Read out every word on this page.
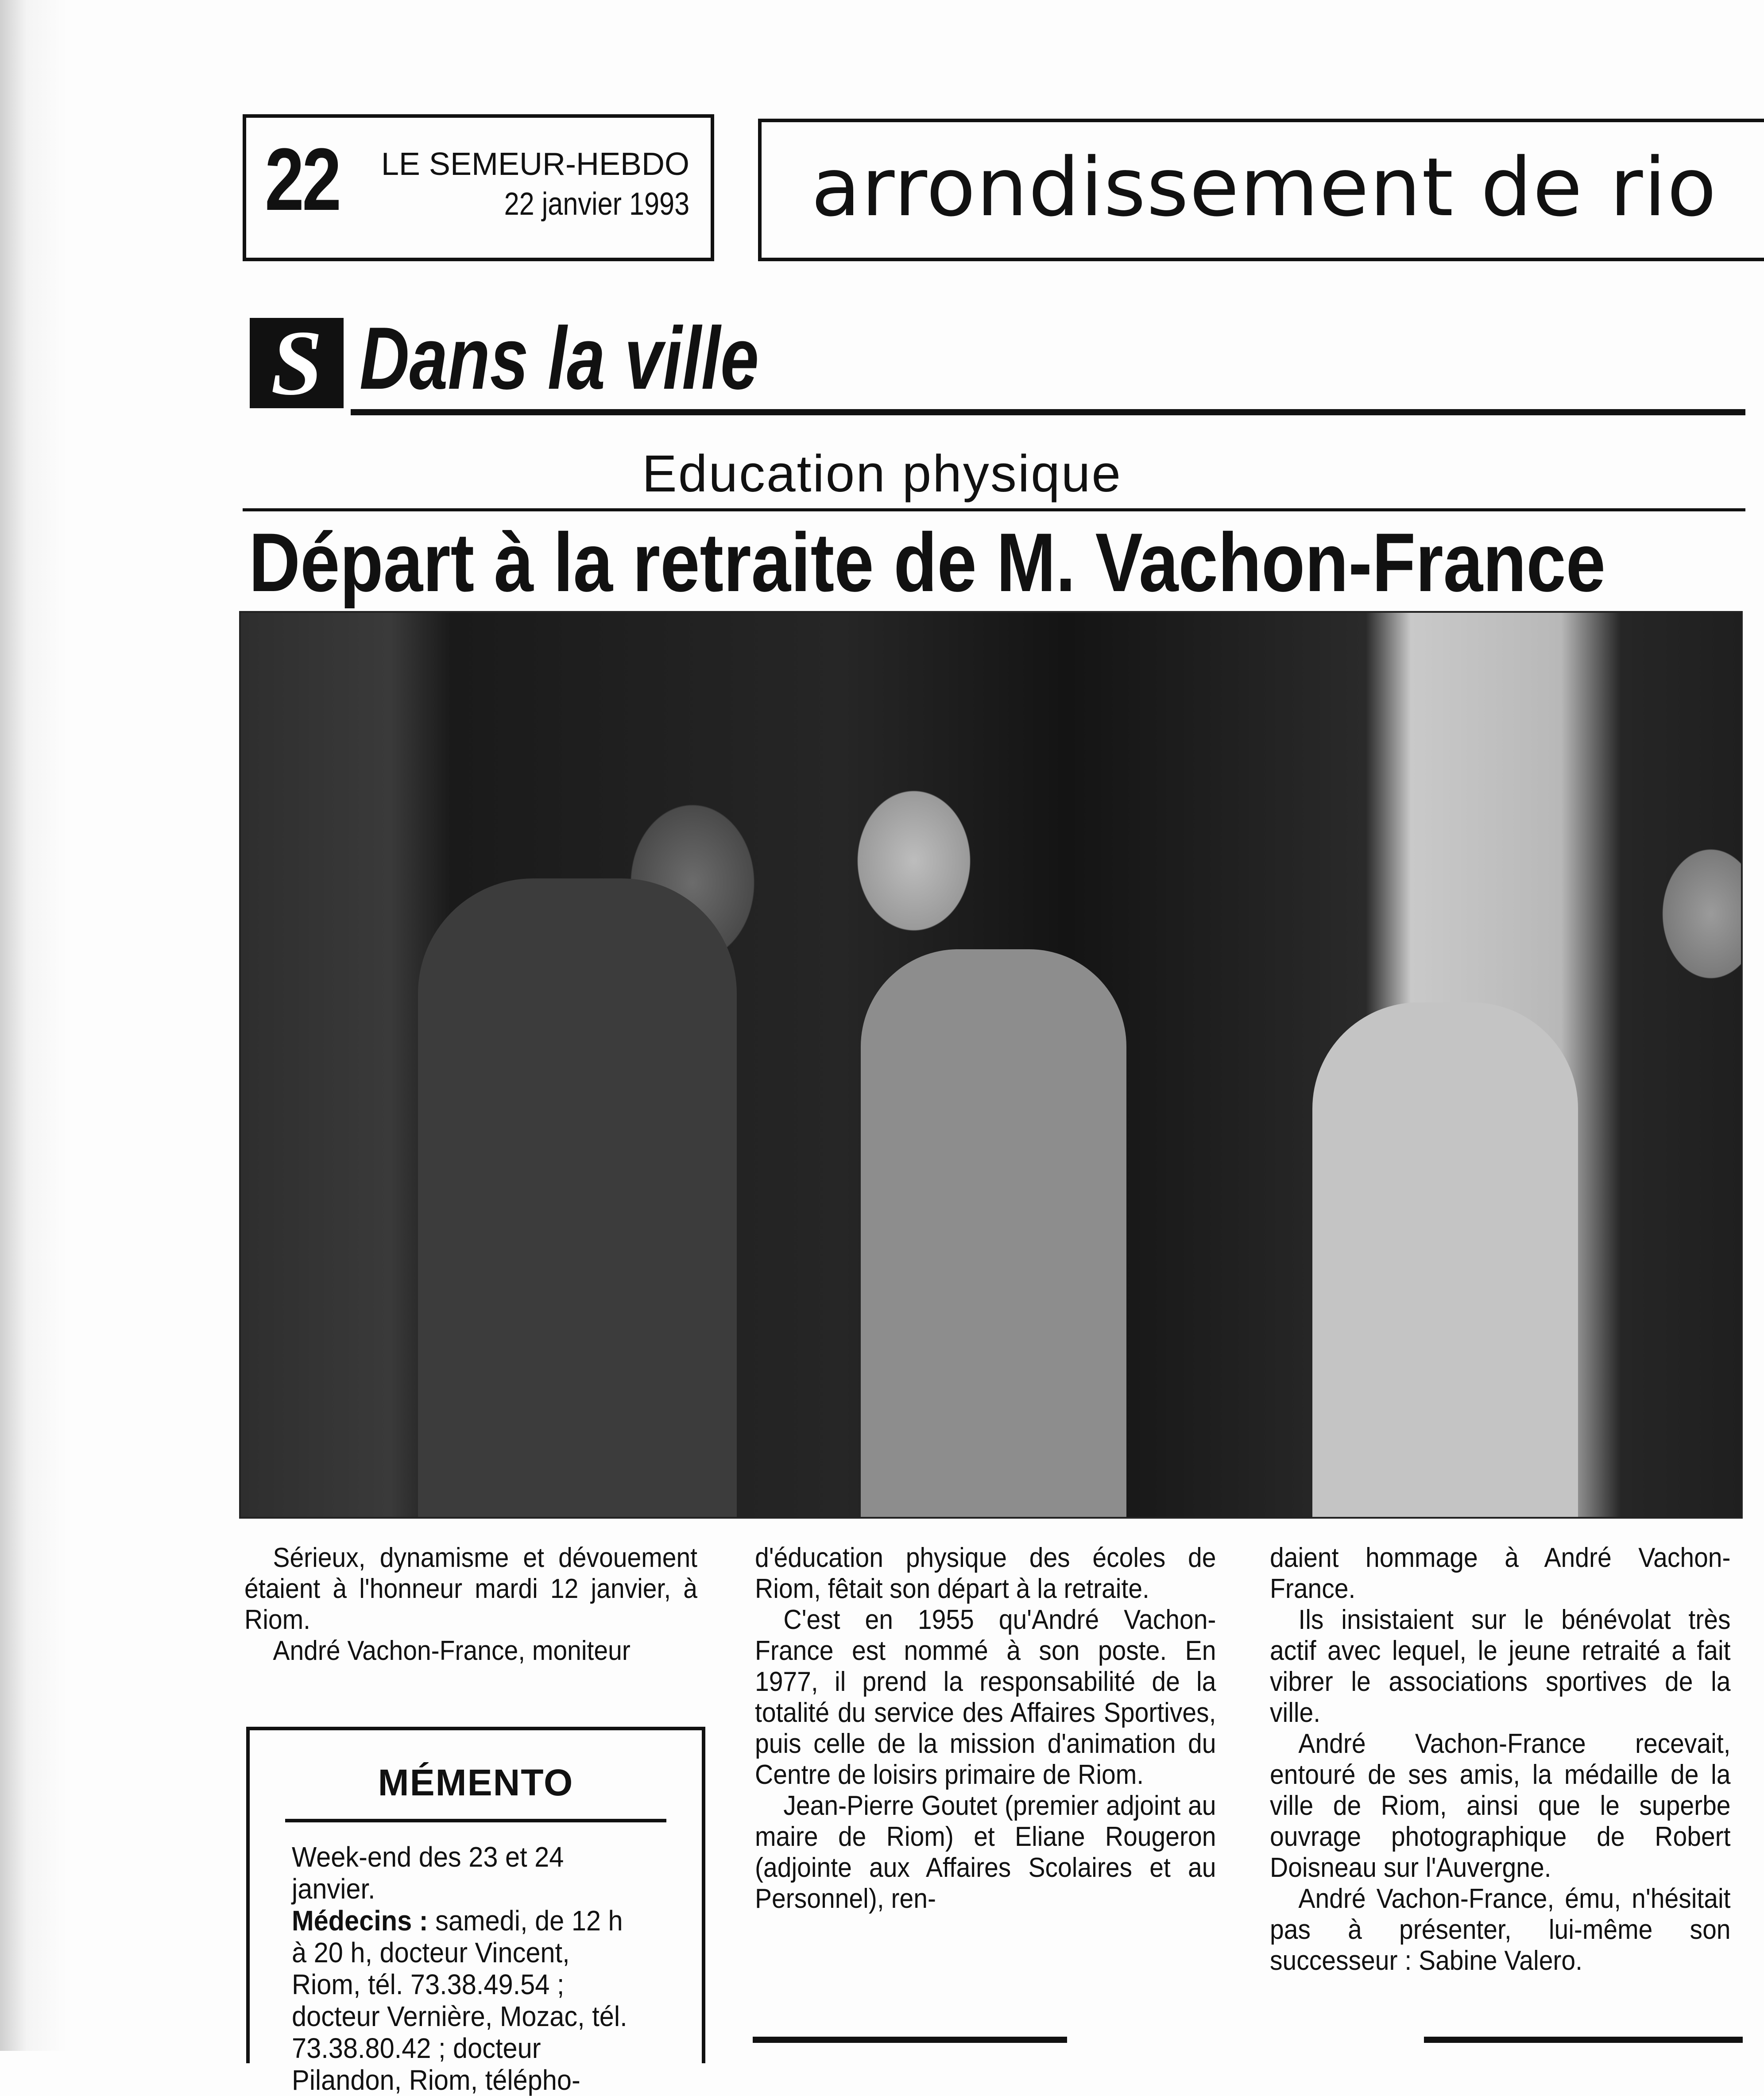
22 LE SEMEUR-HEBDO
22 janvier 1993 arrondissement de rio
S Dans la ville
Education physique
Départ à la retraite de M. Vachon-France

Sérieux, dynamisme et dévouement étaient à l'honneur mardi 12 janvier, à Riom.

André Vachon-France, moniteur

MÉMENTO

Week-end des 23 et 24 janvier.

Médecins : samedi, de 12 h à 20 h, docteur Vincent, Riom, tél. 73.38.49.54 ; docteur Vernière, Mozac, tél. 73.38.80.42 ; docteur Pilandon, Riom, télépho-

d'éducation physique des écoles de Riom, fêtait son départ à la retraite.

C'est en 1955 qu'André Vachon-France est nommé à son poste. En 1977, il prend la responsabilité de la totalité du service des Affaires Sportives, puis celle de la mission d'animation du Centre de loisirs primaire de Riom.

Jean-Pierre Goutet (premier adjoint au maire de Riom) et Eliane Rougeron (adjointe aux Affaires Scolaires et au Personnel), ren-

daient hommage à André Vachon-France.

Ils insistaient sur le bénévolat très actif avec lequel, le jeune retraité a fait vibrer le associations sportives de la ville.

André Vachon-France recevait, entouré de ses amis, la médaille de la ville de Riom, ainsi que le superbe ouvrage photographique de Robert Doisneau sur l'Auvergne.

André Vachon-France, ému, n'hésitait pas à présenter, lui-même son successeur : Sabine Valero.
